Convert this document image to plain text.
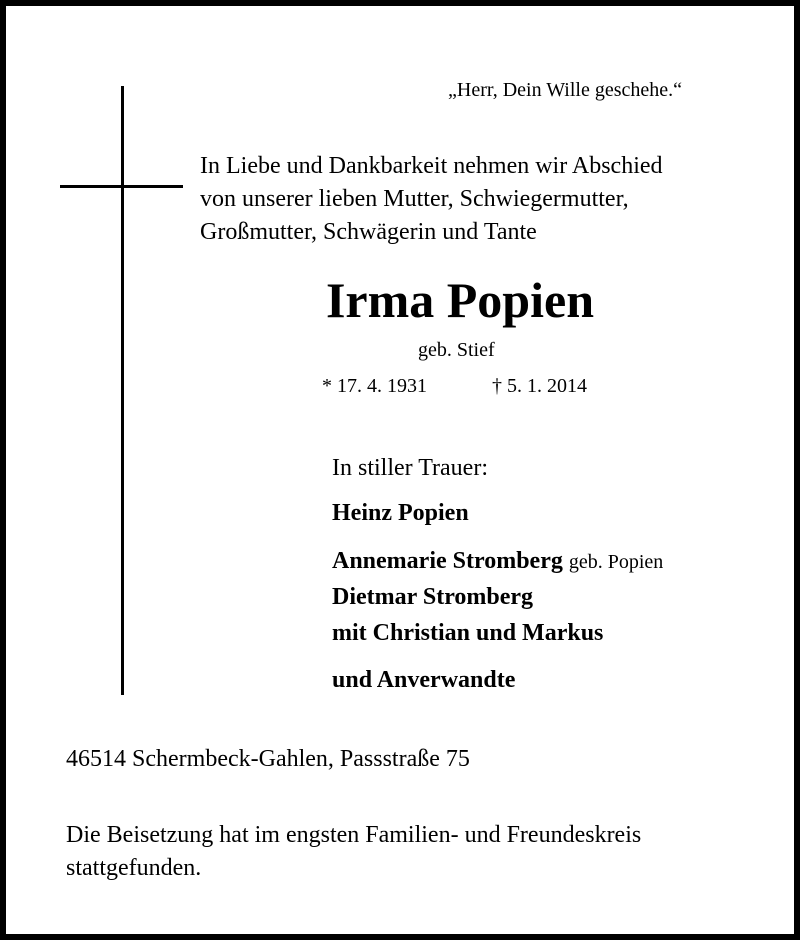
„Herr, Dein Wille geschehe.“
In Liebe und Dankbarkeit nehmen wir Abschied
von unserer lieben Mutter, Schwiegermutter,
Großmutter, Schwägerin und Tante
Irma Popien
geb. Stief
* 17. 4. 1931	† 5. 1. 2014
In stiller Trauer:
Heinz Popien
Annemarie Stromberg geb. Popien
Dietmar Stromberg
mit Christian und Markus
und Anverwandte
46514 Schermbeck-Gahlen, Passstraße 75
Die Beisetzung hat im engsten Familien- und Freundeskreis
stattgefunden.
